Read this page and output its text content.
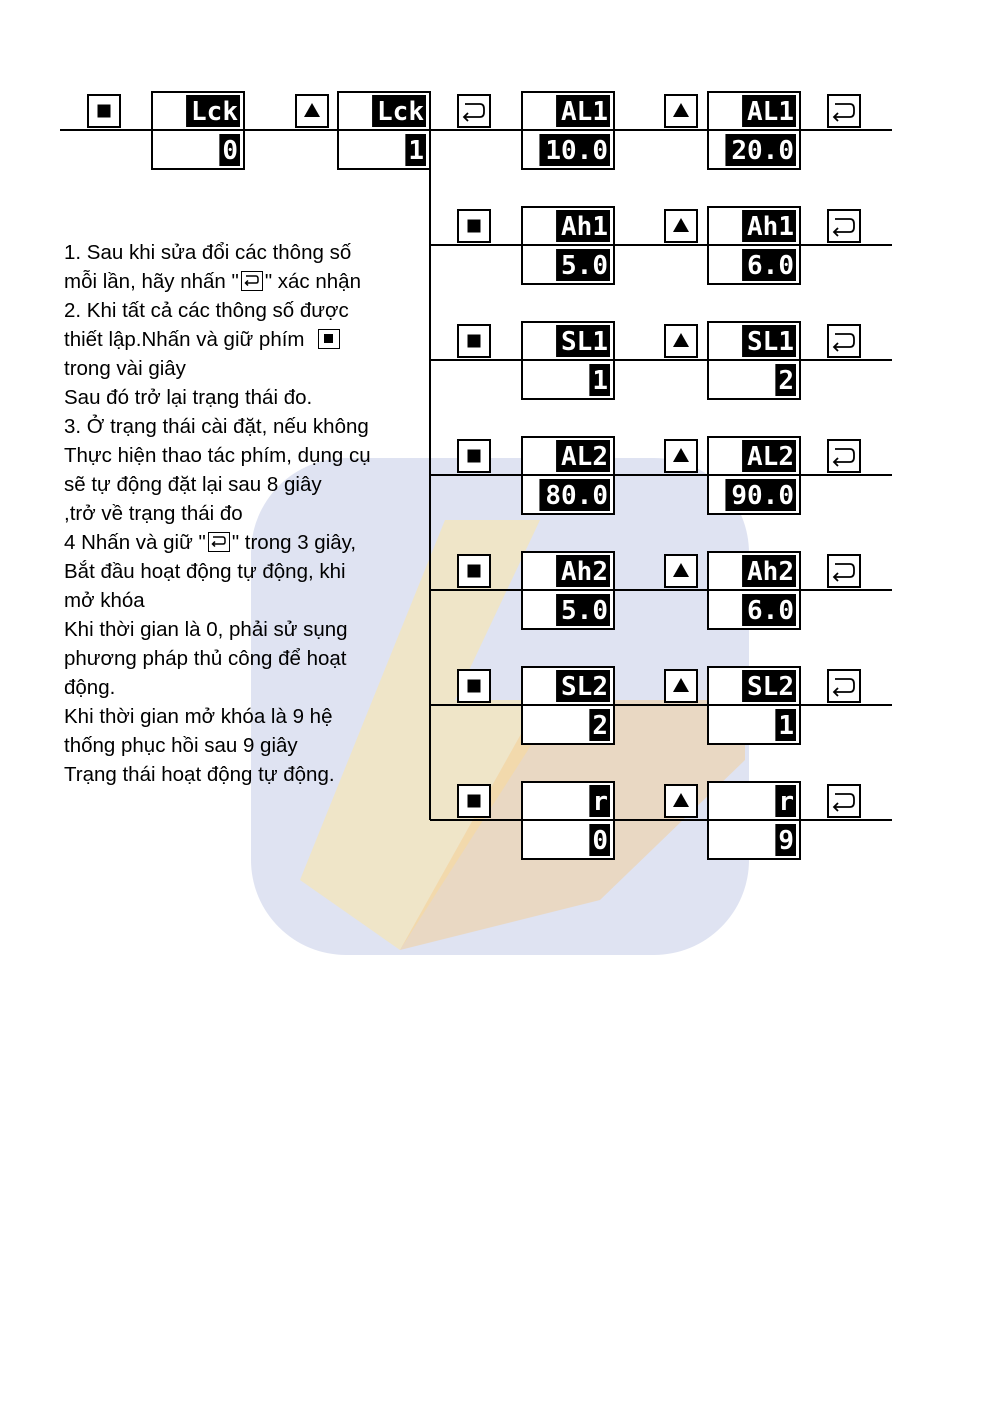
Lck
0
Lck
1
AL1
10.0
AL1
20.0
Ah1
5.0
Ah1
6.0
SL1
1
SL1
2
AL2
80.0
AL2
90.0
Ah2
5.0
Ah2
6.0
SL2
2
SL2
1
r
0
r
9
1. Sau khi sửa đổi các thông số
mỗi lần, hãy nhấn " " xác nhận
2. Khi tất cả các thông số được
thiết lập.Nhấn và giữ phím
trong vài giây
Sau đó trở lại trạng thái đo.
3. Ở trạng thái cài đặt, nếu không
Thực hiện thao tác phím, dụng cụ
sẽ tự động đặt lại sau 8 giây
,trở về trạng thái đo
4 Nhấn và giữ " " trong 3 giây,
Bắt đầu hoạt động tự động, khi
mở khóa
Khi thời gian là 0, phải sử sụng
phương pháp thủ công để hoạt
động.
Khi thời gian mở khóa là 9 hệ
thống phục hồi sau 9 giây
Trạng thái hoạt động tự động.
